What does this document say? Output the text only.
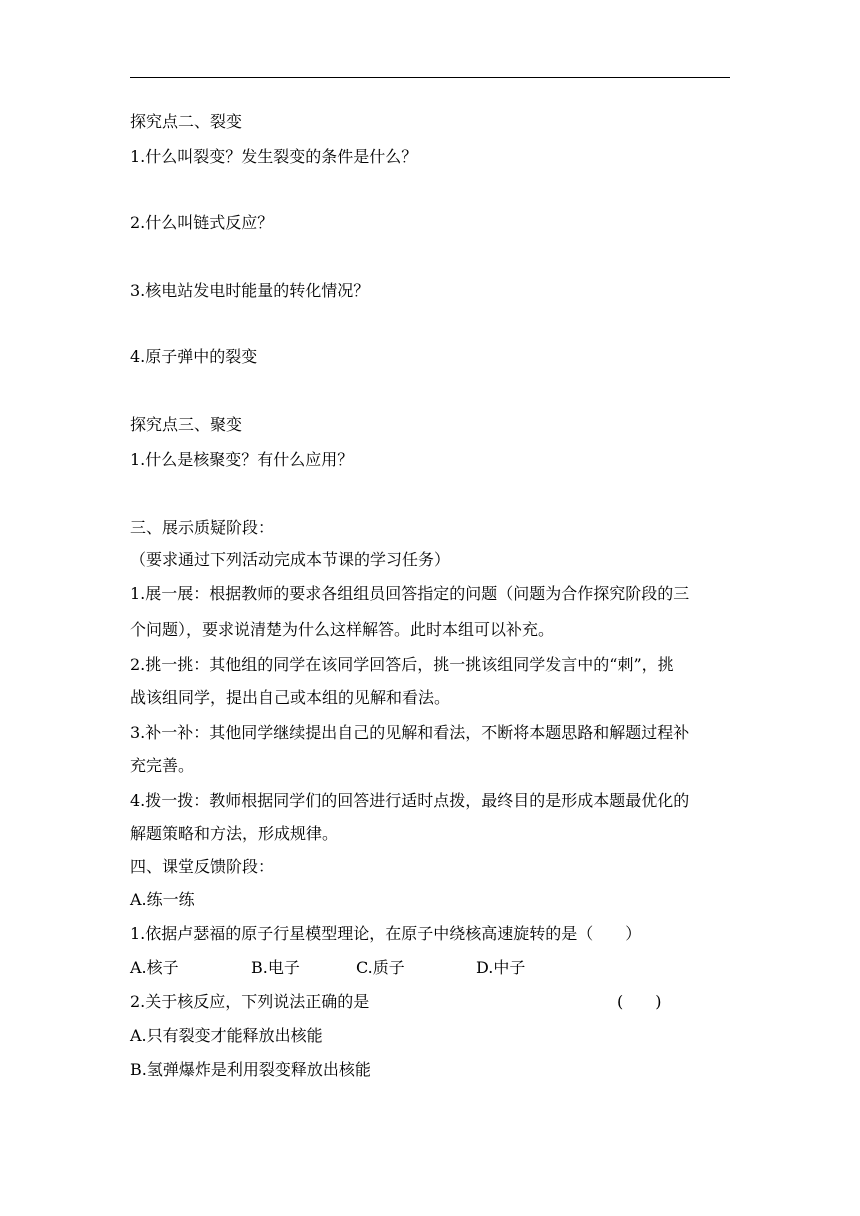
探究点二、裂变
1.什么叫裂变？发生裂变的条件是什么？
2.什么叫链式反应？
3.核电站发电时能量的转化情况？
4.原子弹中的裂变
探究点三、聚变
1.什么是核聚变？有什么应用？
三、展示质疑阶段：
（要求通过下列活动完成本节课的学习任务）
1.展一展：根据教师的要求各组组员回答指定的问题（问题为合作探究阶段的三
个问题），要求说清楚为什么这样解答。此时本组可以补充。
2.挑一挑：其他组的同学在该同学回答后，挑一挑该组同学发言中的“刺”，挑
战该组同学，提出自己或本组的见解和看法。
3.补一补：其他同学继续提出自己的见解和看法，不断将本题思路和解题过程补
充完善。
4.拨一拨：教师根据同学们的回答进行适时点拨，最终目的是形成本题最优化的
解题策略和方法，形成规律。
四、课堂反馈阶段：
A.练一练
1.依据卢瑟福的原子行星模型理论，在原子中绕核高速旋转的是（　　）
A.核子	B.电子	C.质子	D.中子
2.关于核反应，下列说法正确的是	(　　)
A.只有裂变才能释放出核能
B.氢弹爆炸是利用裂变释放出核能
